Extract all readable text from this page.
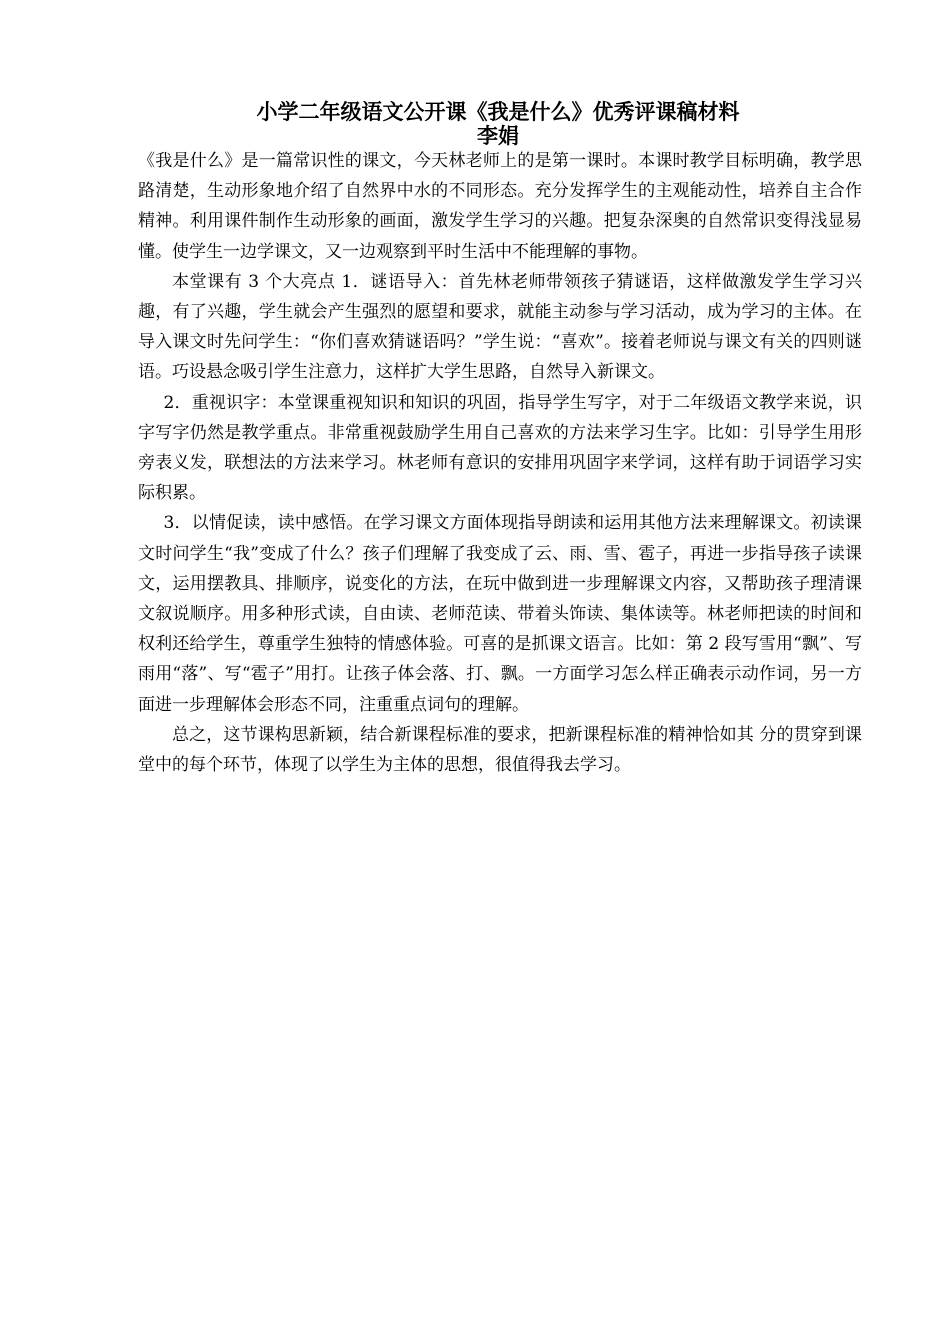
小学二年级语文公开课《我是什么》优秀评课稿材料
李娟

《我是什么》是一篇常识性的课文，今天林老师上的是第一课时。本课时教学目标明确，教学思路清楚，生动形象地介绍了自然界中水的不同形态。充分发挥学生的主观能动性，培养自主合作精神。利用课件制作生动形象的画面，激发学生学习的兴趣。把复杂深奥的自然常识变得浅显易懂。使学生一边学课文，又一边观察到平时生活中不能理解的事物。

本堂课有 3 个大亮点 1．谜语导入：首先林老师带领孩子猜谜语，这样做激发学生学习兴趣，有了兴趣，学生就会产生强烈的愿望和要求，就能主动参与学习活动，成为学习的主体。在导入课文时先问学生：“你们喜欢猜谜语吗？”学生说：“喜欢”。接着老师说与课文有关的四则谜语。巧设悬念吸引学生注意力，这样扩大学生思路，自然导入新课文。

2．重视识字：本堂课重视知识和知识的巩固，指导学生写字，对于二年级语文教学来说，识字写字仍然是教学重点。非常重视鼓励学生用自己喜欢的方法来学习生字。比如：引导学生用形旁表义发，联想法的方法来学习。林老师有意识的安排用巩固字来学词，这样有助于词语学习实际积累。

3．以情促读，读中感悟。在学习课文方面体现指导朗读和运用其他方法来理解课文。初读课文时问学生“我”变成了什么？孩子们理解了我变成了云、雨、雪、雹子，再进一步指导孩子读课文，运用摆教具、排顺序，说变化的方法，在玩中做到进一步理解课文内容，又帮助孩子理清课文叙说顺序。用多种形式读，自由读、老师范读、带着头饰读、集体读等。林老师把读的时间和权利还给学生，尊重学生独特的情感体验。可喜的是抓课文语言。比如：第 2 段写雪用“飘”、写雨用“落”、写“雹子”用打。让孩子体会落、打、飘。一方面学习怎么样正确表示动作词，另一方面进一步理解体会形态不同，注重重点词句的理解。

总之，这节课构思新颖，结合新课程标准的要求，把新课程标准的精神恰如其 分的贯穿到课堂中的每个环节，体现了以学生为主体的思想，很值得我去学习。
